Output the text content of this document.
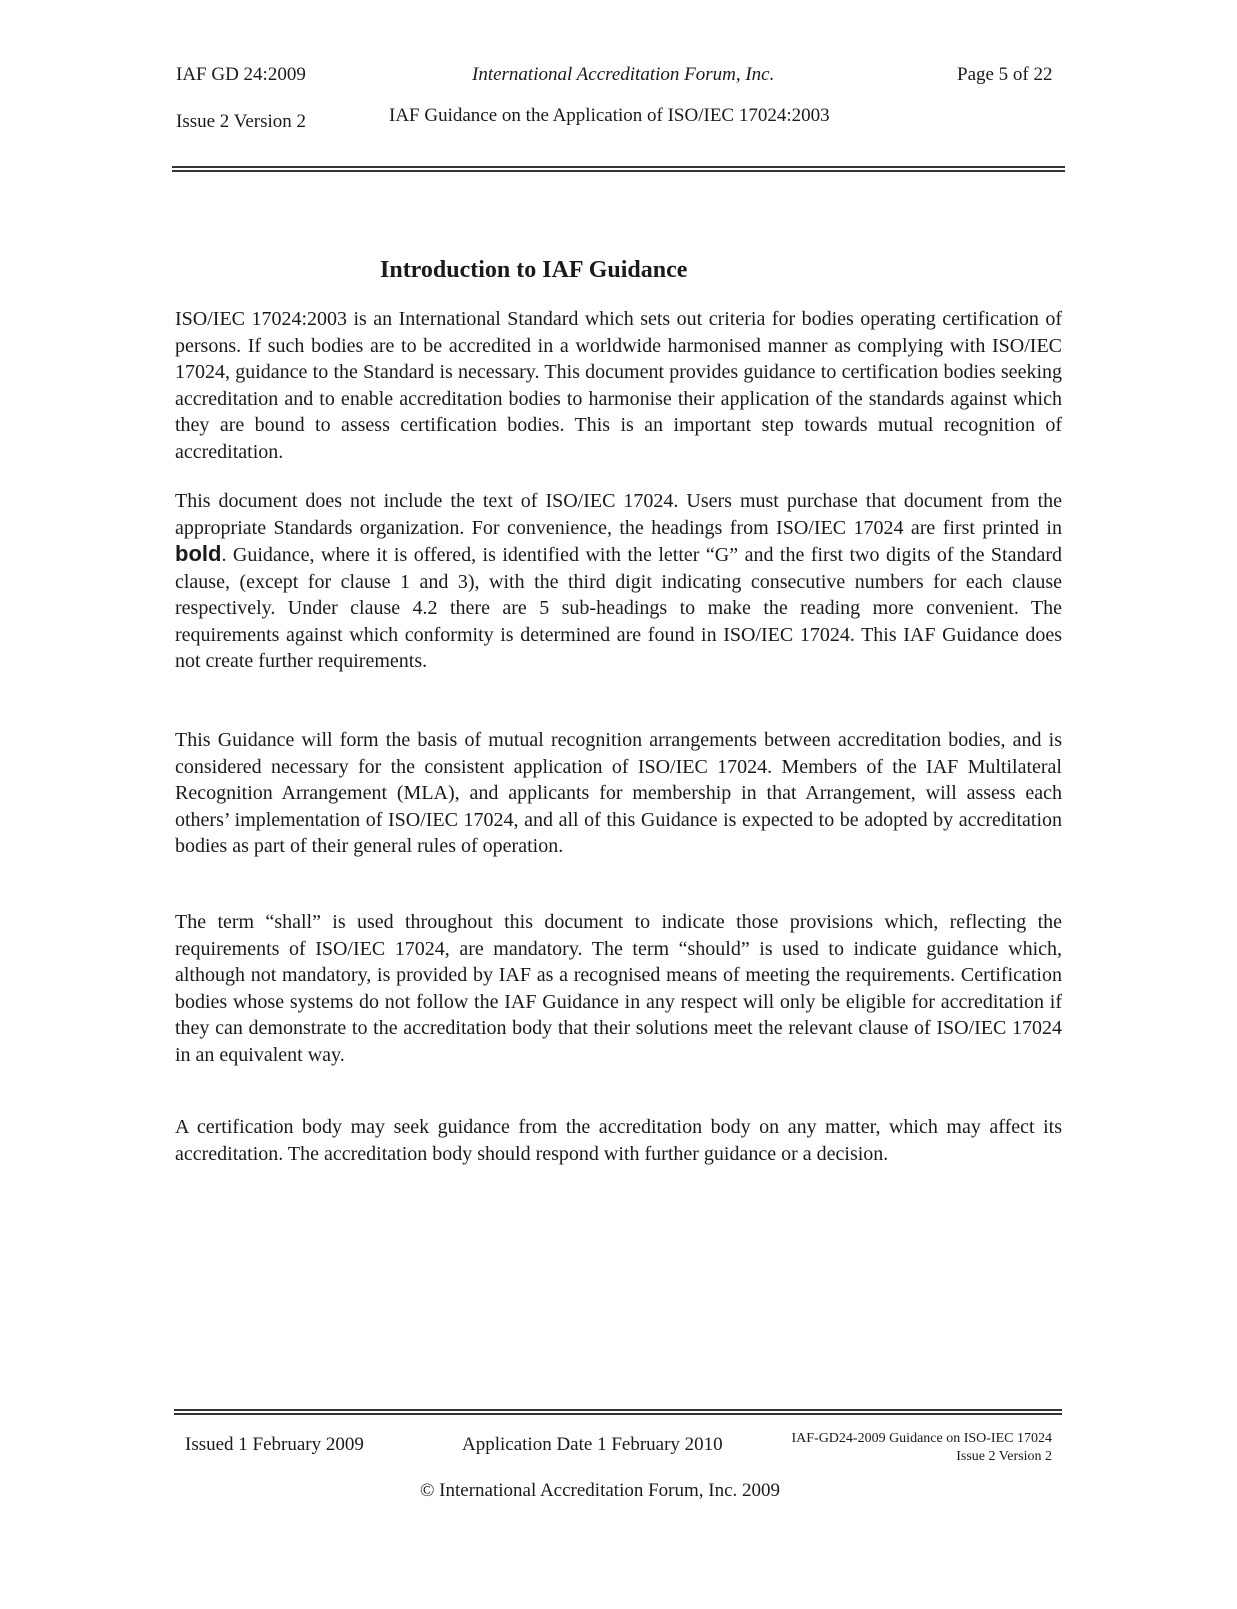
IAF GD 24:2009	International Accreditation Forum, Inc.	Page 5 of 22
Issue 2 Version 2	IAF Guidance on the Application of ISO/IEC 17024:2003
Introduction to IAF Guidance

ISO/IEC 17024:2003 is an International Standard which sets out criteria for bodies operating certification of persons. If such bodies are to be accredited in a worldwide harmonised manner as complying with ISO/IEC 17024, guidance to the Standard is necessary. This document provides guidance to certification bodies seeking accreditation and to enable accreditation bodies to harmonise their application of the standards against which they are bound to assess certification bodies. This is an important step towards mutual recognition of accreditation.

This document does not include the text of ISO/IEC 17024. Users must purchase that document from the appropriate Standards organization. For convenience, the headings from ISO/IEC 17024 are first printed in bold. Guidance, where it is offered, is identified with the letter “G” and the first two digits of the Standard clause, (except for clause 1 and 3), with the third digit indicating consecutive numbers for each clause respectively. Under clause 4.2 there are 5 sub-headings to make the reading more convenient. The requirements against which conformity is determined are found in ISO/IEC 17024. This IAF Guidance does not create further requirements.

This Guidance will form the basis of mutual recognition arrangements between accreditation bodies, and is considered necessary for the consistent application of ISO/IEC 17024. Members of the IAF Multilateral Recognition Arrangement (MLA), and applicants for membership in that Arrangement, will assess each others’ implementation of ISO/IEC 17024, and all of this Guidance is expected to be adopted by accreditation bodies as part of their general rules of operation.

The term “shall” is used throughout this document to indicate those provisions which, reflecting the requirements of ISO/IEC 17024, are mandatory. The term “should” is used to indicate guidance which, although not mandatory, is provided by IAF as a recognised means of meeting the requirements. Certification bodies whose systems do not follow the IAF Guidance in any respect will only be eligible for accreditation if they can demonstrate to the accreditation body that their solutions meet the relevant clause of ISO/IEC 17024 in an equivalent way.

A certification body may seek guidance from the accreditation body on any matter, which may affect its accreditation. The accreditation body should respond with further guidance or a decision.

Issued 1 February 2009	Application Date 1 February 2010	IAF-GD24-2009 Guidance on ISO-IEC 17024
Issue 2 Version 2
© International Accreditation Forum, Inc. 2009
